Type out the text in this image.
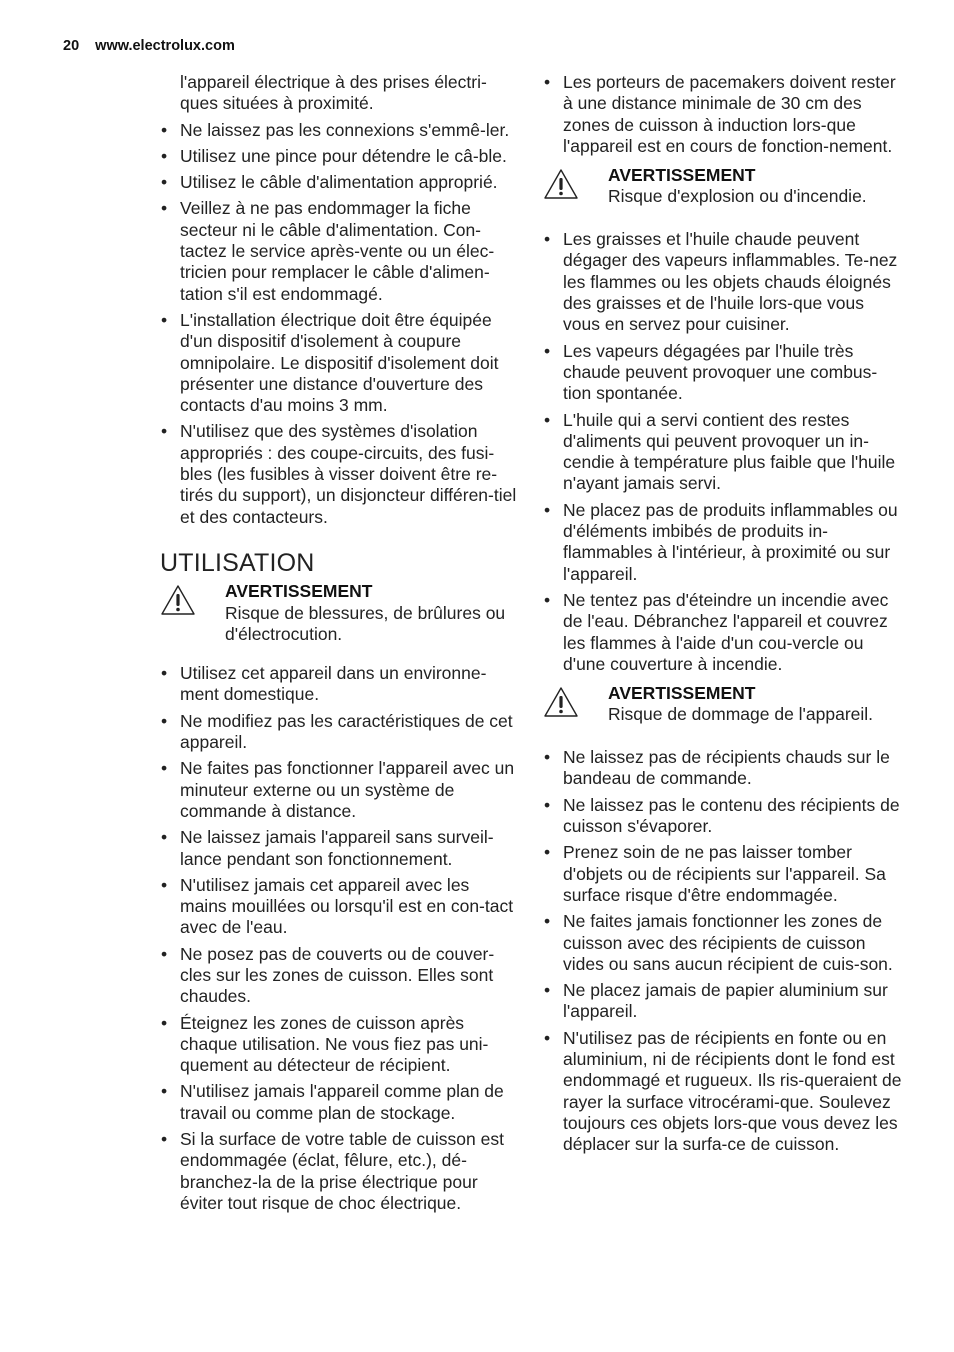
20 www.electrolux.com
l'appareil électrique à des prises électri-ques situées à proximité.
• Ne laissez pas les connexions s'emmê-ler.
• Utilisez une pince pour détendre le câ-ble.
• Utilisez le câble d'alimentation approprié.
• Veillez à ne pas endommager la fiche secteur ni le câble d'alimentation. Con-tactez le service après-vente ou un élec-tricien pour remplacer le câble d'alimen-tation s'il est endommagé.
• L'installation électrique doit être équipée d'un dispositif d'isolement à coupure omnipolaire. Le dispositif d'isolement doit présenter une distance d'ouverture des contacts d'au moins 3 mm.
• N'utilisez que des systèmes d'isolation appropriés : des coupe-circuits, des fusi-bles (les fusibles à visser doivent être re-tirés du support), un disjoncteur différen-tiel et des contacteurs.
UTILISATION
AVERTISSEMENT
Risque de blessures, de brûlures ou d'électrocution.
• Utilisez cet appareil dans un environne-ment domestique.
• Ne modifiez pas les caractéristiques de cet appareil.
• Ne faites pas fonctionner l'appareil avec un minuteur externe ou un système de commande à distance.
• Ne laissez jamais l'appareil sans surveil-lance pendant son fonctionnement.
• N'utilisez jamais cet appareil avec les mains mouillées ou lorsqu'il est en con-tact avec de l'eau.
• Ne posez pas de couverts ou de couver-cles sur les zones de cuisson. Elles sont chaudes.
• Éteignez les zones de cuisson après chaque utilisation. Ne vous fiez pas uni-quement au détecteur de récipient.
• N'utilisez jamais l'appareil comme plan de travail ou comme plan de stockage.
• Si la surface de votre table de cuisson est endommagée (éclat, fêlure, etc.), dé-branchez-la de la prise électrique pour éviter tout risque de choc électrique.
• Les porteurs de pacemakers doivent rester à une distance minimale de 30 cm des zones de cuisson à induction lors-que l'appareil est en cours de fonction-nement.
AVERTISSEMENT
Risque d'explosion ou d'incendie.
• Les graisses et l'huile chaude peuvent dégager des vapeurs inflammables. Te-nez les flammes ou les objets chauds éloignés des graisses et de l'huile lors-que vous vous en servez pour cuisiner.
• Les vapeurs dégagées par l'huile très chaude peuvent provoquer une combus-tion spontanée.
• L'huile qui a servi contient des restes d'aliments qui peuvent provoquer un in-cendie à température plus faible que l'huile n'ayant jamais servi.
• Ne placez pas de produits inflammables ou d'éléments imbibés de produits in-flammables à l'intérieur, à proximité ou sur l'appareil.
• Ne tentez pas d'éteindre un incendie avec de l'eau. Débranchez l'appareil et couvrez les flammes à l'aide d'un cou-vercle ou d'une couverture à incendie.
AVERTISSEMENT
Risque de dommage de l'appareil.
• Ne laissez pas de récipients chauds sur le bandeau de commande.
• Ne laissez pas le contenu des récipients de cuisson s'évaporer.
• Prenez soin de ne pas laisser tomber d'objets ou de récipients sur l'appareil. Sa surface risque d'être endommagée.
• Ne faites jamais fonctionner les zones de cuisson avec des récipients de cuisson vides ou sans aucun récipient de cuis-son.
• Ne placez jamais de papier aluminium sur l'appareil.
• N'utilisez pas de récipients en fonte ou en aluminium, ni de récipients dont le fond est endommagé et rugueux. Ils ris-queraient de rayer la surface vitrocérami-que. Soulevez toujours ces objets lors-que vous devez les déplacer sur la surfa-ce de cuisson.
